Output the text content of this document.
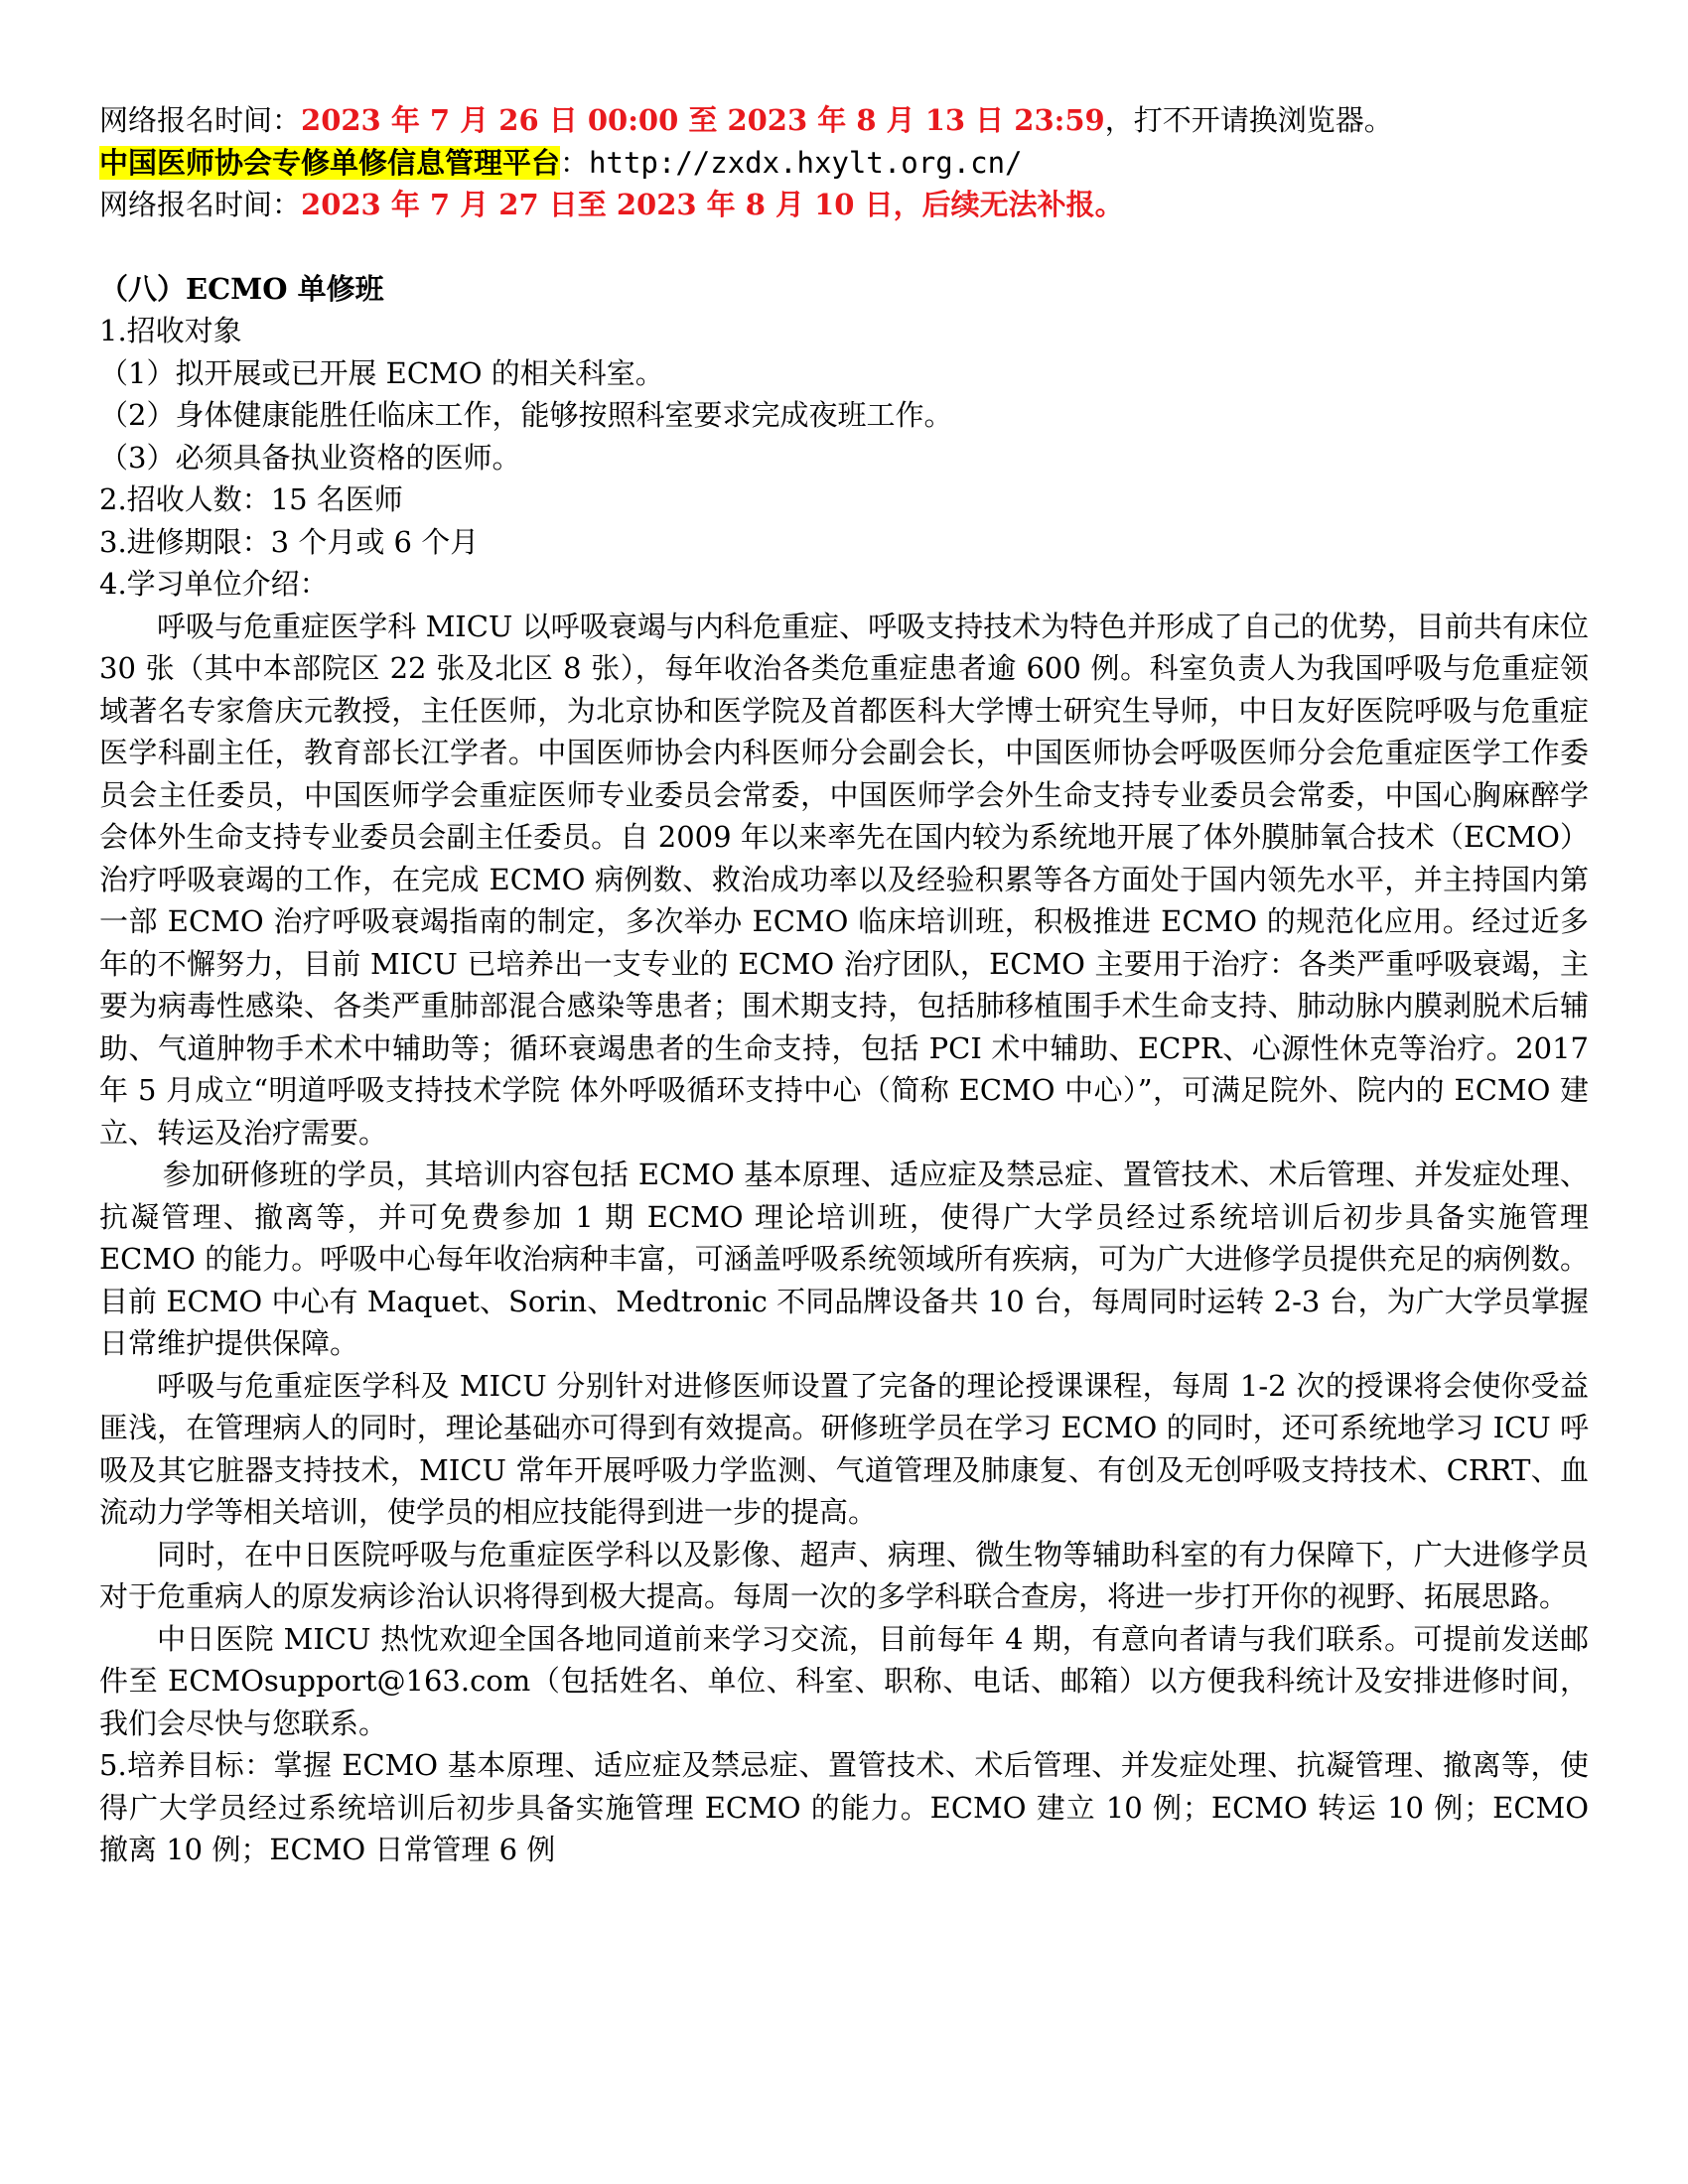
网络报名时间：2023 年 7 月 26 日 00:00 至 2023 年 8 月 13 日 23:59，打不开请换浏览器。
中国医师协会专修单修信息管理平台：http://zxdx.hxylt.org.cn/
网络报名时间：2023 年 7 月 27 日至 2023 年 8 月 10 日，后续无法补报。
（八）ECMO 单修班
1.招收对象
（1）拟开展或已开展 ECMO 的相关科室。
（2）身体健康能胜任临床工作，能够按照科室要求完成夜班工作。
（3）必须具备执业资格的医师。
2.招收人数：15 名医师
3.进修期限：3 个月或 6 个月
4.学习单位介绍：

呼吸与危重症医学科 MICU 以呼吸衰竭与内科危重症、呼吸支持技术为特色并形成了自己的优势，目前共有床位 30 张（其中本部院区 22 张及北区 8 张），每年收治各类危重症患者逾 600 例。科室负责人为我国呼吸与危重症领域著名专家詹庆元教授，主任医师，为北京协和医学院及首都医科大学博士研究生导师，中日友好医院呼吸与危重症医学科副主任，教育部长江学者。中国医师协会内科医师分会副会长，中国医师协会呼吸医师分会危重症医学工作委员会主任委员，中国医师学会重症医师专业委员会常委，中国医师学会外生命支持专业委员会常委，中国心胸麻醉学会体外生命支持专业委员会副主任委员。自 2009 年以来率先在国内较为系统地开展了体外膜肺氧合技术（ECMO）治疗呼吸衰竭的工作，在完成 ECMO 病例数、救治成功率以及经验积累等各方面处于国内领先水平，并主持国内第一部 ECMO 治疗呼吸衰竭指南的制定，多次举办 ECMO 临床培训班，积极推进 ECMO 的规范化应用。经过近多年的不懈努力，目前 MICU 已培养出一支专业的 ECMO 治疗团队，ECMO 主要用于治疗：各类严重呼吸衰竭，主要为病毒性感染、各类严重肺部混合感染等患者；围术期支持，包括肺移植围手术生命支持、肺动脉内膜剥脱术后辅助、气道肿物手术术中辅助等；循环衰竭患者的生命支持，包括 PCI 术中辅助、ECPR、心源性休克等治疗。2017 年 5 月成立“明道呼吸支持技术学院 体外呼吸循环支持中心（简称 ECMO 中心）”，可满足院外、院内的 ECMO 建立、转运及治疗需要。

参加研修班的学员，其培训内容包括 ECMO 基本原理、适应症及禁忌症、置管技术、术后管理、并发症处理、抗凝管理、撤离等，并可免费参加 1 期 ECMO 理论培训班，使得广大学员经过系统培训后初步具备实施管理 ECMO 的能力。呼吸中心每年收治病种丰富，可涵盖呼吸系统领域所有疾病，可为广大进修学员提供充足的病例数。目前 ECMO 中心有 Maquet、Sorin、Medtronic 不同品牌设备共 10 台，每周同时运转 2-3 台，为广大学员掌握日常维护提供保障。

呼吸与危重症医学科及 MICU 分别针对进修医师设置了完备的理论授课课程，每周 1-2 次的授课将会使你受益匪浅，在管理病人的同时，理论基础亦可得到有效提高。研修班学员在学习 ECMO 的同时，还可系统地学习 ICU 呼吸及其它脏器支持技术，MICU 常年开展呼吸力学监测、气道管理及肺康复、有创及无创呼吸支持技术、CRRT、血流动力学等相关培训，使学员的相应技能得到进一步的提高。

同时，在中日医院呼吸与危重症医学科以及影像、超声、病理、微生物等辅助科室的有力保障下，广大进修学员对于危重病人的原发病诊治认识将得到极大提高。每周一次的多学科联合查房，将进一步打开你的视野、拓展思路。

中日医院 MICU 热忱欢迎全国各地同道前来学习交流，目前每年 4 期，有意向者请与我们联系。可提前发送邮件至 ECMOsupport@163.com（包括姓名、单位、科室、职称、电话、邮箱）以方便我科统计及安排进修时间，我们会尽快与您联系。

5.培养目标：掌握 ECMO 基本原理、适应症及禁忌症、置管技术、术后管理、并发症处理、抗凝管理、撤离等，使得广大学员经过系统培训后初步具备实施管理 ECMO 的能力。ECMO 建立 10 例；ECMO 转运 10 例；ECMO 撤离 10 例；ECMO 日常管理 6 例
